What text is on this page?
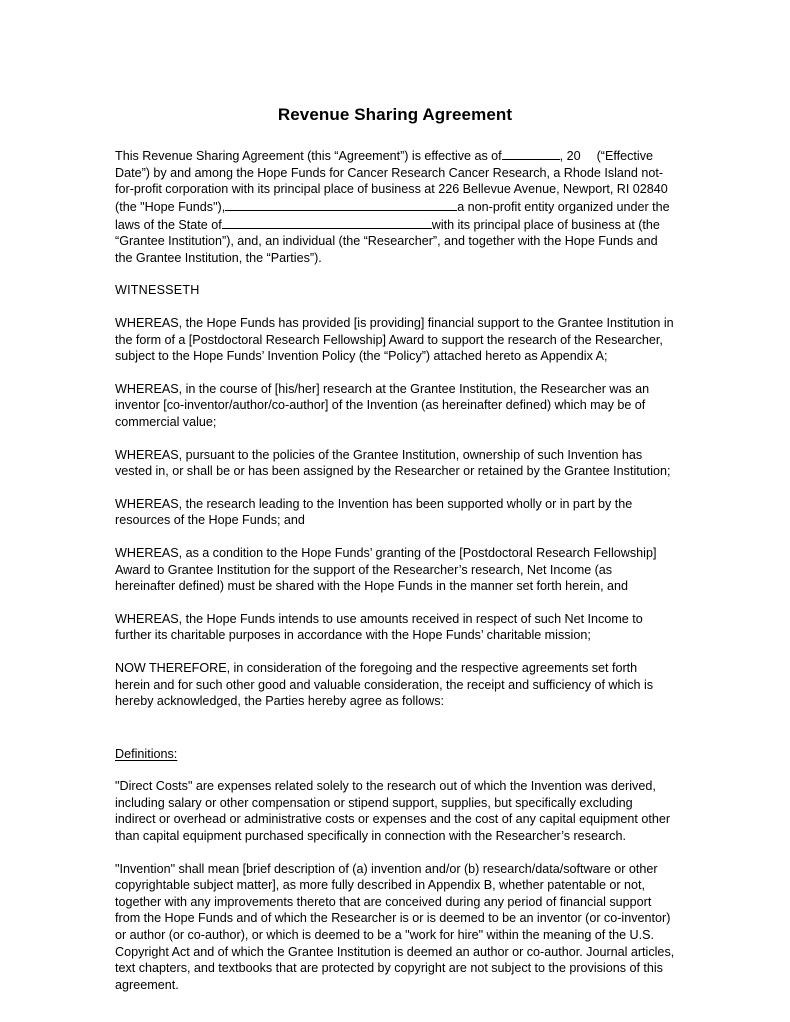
Revenue Sharing Agreement

This Revenue Sharing Agreement (this “Agreement”) is effective as of	, 20 (“Effective Date”) by and among the Hope Funds for Cancer Research Cancer Research, a Rhode Island not-for-profit corporation with its principal place of business at 226 Bellevue Avenue, Newport, RI 02840 (the "Hope Funds"),	a non-profit entity organized under the laws of the State of	with its principal place of business at (the “Grantee Institution”), and, an individual (the “Researcher”, and together with the Hope Funds and the Grantee Institution, the “Parties”).

WITNESSETH

WHEREAS, the Hope Funds has provided [is providing] financial support to the Grantee Institution in the form of a [Postdoctoral Research Fellowship] Award to support the research of the Researcher, subject to the Hope Funds’ Invention Policy (the “Policy”) attached hereto as Appendix A;

WHEREAS, in the course of [his/her] research at the Grantee Institution, the Researcher was an inventor [co-inventor/author/co-author] of the Invention (as hereinafter defined) which may be of commercial value;

WHEREAS, pursuant to the policies of the Grantee Institution, ownership of such Invention has vested in, or shall be or has been assigned by the Researcher or retained by the Grantee Institution;

WHEREAS, the research leading to the Invention has been supported wholly or in part by the resources of the Hope Funds; and

WHEREAS, as a condition to the Hope Funds’ granting of the [Postdoctoral Research Fellowship] Award to Grantee Institution for the support of the Researcher’s research, Net Income (as hereinafter defined) must be shared with the Hope Funds in the manner set forth herein, and

WHEREAS, the Hope Funds intends to use amounts received in respect of such Net Income to further its charitable purposes in accordance with the Hope Funds’ charitable mission;

NOW THEREFORE, in consideration of the foregoing and the respective agreements set forth herein and for such other good and valuable consideration, the receipt and sufficiency of which is hereby acknowledged, the Parties hereby agree as follows:

Definitions:

"Direct Costs" are expenses related solely to the research out of which the Invention was derived, including salary or other compensation or stipend support, supplies, but specifically excluding indirect or overhead or administrative costs or expenses and the cost of any capital equipment other than capital equipment purchased specifically in connection with the Researcher’s research.

"Invention" shall mean [brief description of (a) invention and/or (b) research/data/software or other copyrightable subject matter], as more fully described in Appendix B, whether patentable or not, together with any improvements thereto that are conceived during any period of financial support from the Hope Funds and of which the Researcher is or is deemed to be an inventor (or co-inventor) or author (or co-author), or which is deemed to be a "work for hire" within the meaning of the U.S. Copyright Act and of which the Grantee Institution is deemed an author or co-author. Journal articles, text chapters, and textbooks that are protected by copyright are not subject to the provisions of this agreement.
